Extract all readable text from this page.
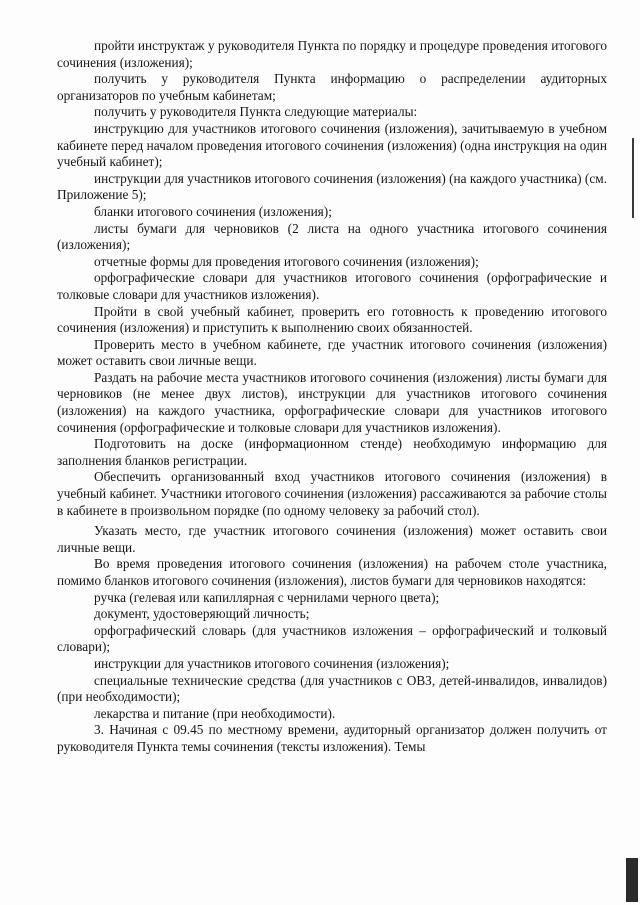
пройти инструктаж у руководителя Пункта по порядку и процедуре проведения итогового сочинения (изложения);

получить у руководителя Пункта информацию о распределении аудиторных организаторов по учебным кабинетам;

получить у руководителя Пункта следующие материалы:

инструкцию для участников итогового сочинения (изложения), зачитываемую в учебном кабинете перед началом проведения итогового сочинения (изложения) (одна инструкция на один учебный кабинет);

инструкции для участников итогового сочинения (изложения) (на каждого участника) (см. Приложение 5);

бланки итогового сочинения (изложения);

листы бумаги для черновиков (2 листа на одного участника итогового сочинения (изложения);

отчетные формы для проведения итогового сочинения (изложения);

орфографические словари для участников итогового сочинения (орфографические и толковые словари для участников изложения).

Пройти в свой учебный кабинет, проверить его готовность к проведению итогового сочинения (изложения) и приступить к выполнению своих обязанностей.

Проверить место в учебном кабинете, где участник итогового сочинения (изложения) может оставить свои личные вещи.

Раздать на рабочие места участников итогового сочинения (изложения) листы бумаги для черновиков (не менее двух листов), инструкции для участников итогового сочинения (изложения) на каждого участника, орфографические словари для участников итогового сочинения (орфографические и толковые словари для участников изложения).

Подготовить на доске (информационном стенде) необходимую информацию для заполнения бланков регистрации.

Обеспечить организованный вход участников итогового сочинения (изложения) в учебный кабинет. Участники итогового сочинения (изложения) рассаживаются за рабочие столы в кабинете в произвольном порядке (по одному человеку за рабочий стол).

Указать место, где участник итогового сочинения (изложения) может оставить свои личные вещи.

Во время проведения итогового сочинения (изложения) на рабочем столе участника, помимо бланков итогового сочинения (изложения), листов бумаги для черновиков находятся:

ручка (гелевая или капиллярная с чернилами черного цвета);

документ, удостоверяющий личность;

орфографический словарь (для участников изложения – орфографический и толковый словари);

инструкции для участников итогового сочинения (изложения);

специальные технические средства (для участников с ОВЗ, детей-инвалидов, инвалидов) (при необходимости);

лекарства и питание (при необходимости).

3. Начиная с 09.45 по местному времени, аудиторный организатор должен получить от руководителя Пункта темы сочинения (тексты изложения). Темы
